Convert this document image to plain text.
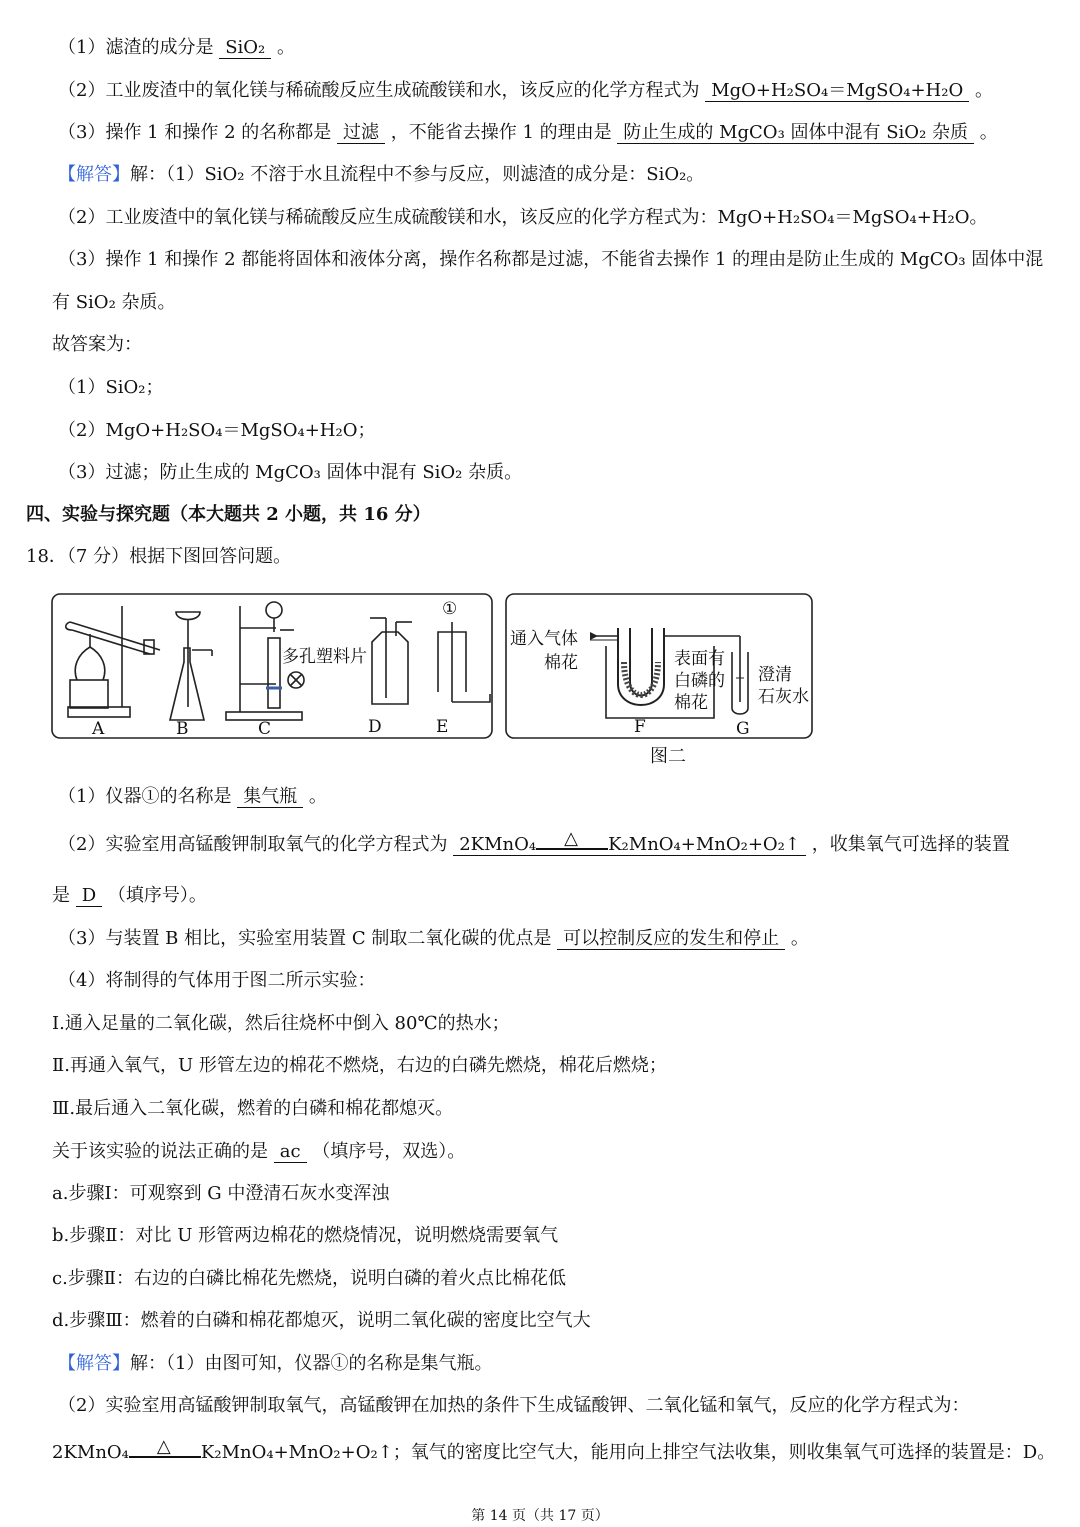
（1）滤渣的成分是 SiO₂ 。
（2）工业废渣中的氧化镁与稀硫酸反应生成硫酸镁和水，该反应的化学方程式为 MgO+H₂SO₄＝MgSO₄+H₂O 。
（3）操作 1 和操作 2 的名称都是 过滤 ，不能省去操作 1 的理由是 防止生成的 MgCO₃ 固体中混有 SiO₂ 杂质 。
【解答】解：（1）SiO₂ 不溶于水且流程中不参与反应，则滤渣的成分是：SiO₂。
（2）工业废渣中的氧化镁与稀硫酸反应生成硫酸镁和水，该反应的化学方程式为：MgO+H₂SO₄＝MgSO₄+H₂O。
（3）操作 1 和操作 2 都能将固体和液体分离，操作名称都是过滤，不能省去操作 1 的理由是防止生成的 MgCO₃ 固体中混
有 SiO₂ 杂质。
故答案为：
（1）SiO₂；
（2）MgO+H₂SO₄＝MgSO₄+H₂O；
（3）过滤；防止生成的 MgCO₃ 固体中混有 SiO₂ 杂质。
四、实验与探究题（本大题共 2 小题，共 16 分）
18．（7 分）根据下图回答问题。
A	B	C	D	E	F	G
①
多孔塑料片
通入气体
棉花	表面有
白磷的
棉花
澄清
石灰水
图二
（1）仪器①的名称是 集气瓶 。
（2）实验室用高锰酸钾制取氧气的化学方程式为 2KMnO₄ △ K₂MnO₄+MnO₂+O₂↑ ，收集氧气可选择的装置
是 D （填序号）。
（3）与装置 B 相比，实验室用装置 C 制取二氧化碳的优点是 可以控制反应的发生和停止 。
（4）将制得的气体用于图二所示实验：
Ⅰ.通入足量的二氧化碳，然后往烧杯中倒入 80℃的热水；
Ⅱ.再通入氧气，U 形管左边的棉花不燃烧，右边的白磷先燃烧，棉花后燃烧；
Ⅲ.最后通入二氧化碳，燃着的白磷和棉花都熄灭。
关于该实验的说法正确的是 ac （填序号，双选）。
a.步骤Ⅰ：可观察到 G 中澄清石灰水变浑浊
b.步骤Ⅱ：对比 U 形管两边棉花的燃烧情况，说明燃烧需要氧气
c.步骤Ⅱ：右边的白磷比棉花先燃烧，说明白磷的着火点比棉花低
d.步骤Ⅲ：燃着的白磷和棉花都熄灭，说明二氧化碳的密度比空气大
【解答】解：（1）由图可知，仪器①的名称是集气瓶。
（2）实验室用高锰酸钾制取氧气，高锰酸钾在加热的条件下生成锰酸钾、二氧化锰和氧气，反应的化学方程式为：
2KMnO₄ △ K₂MnO₄+MnO₂+O₂↑；氧气的密度比空气大，能用向上排空气法收集，则收集氧气可选择的装置是：D。
第 14 页（共 17 页）
